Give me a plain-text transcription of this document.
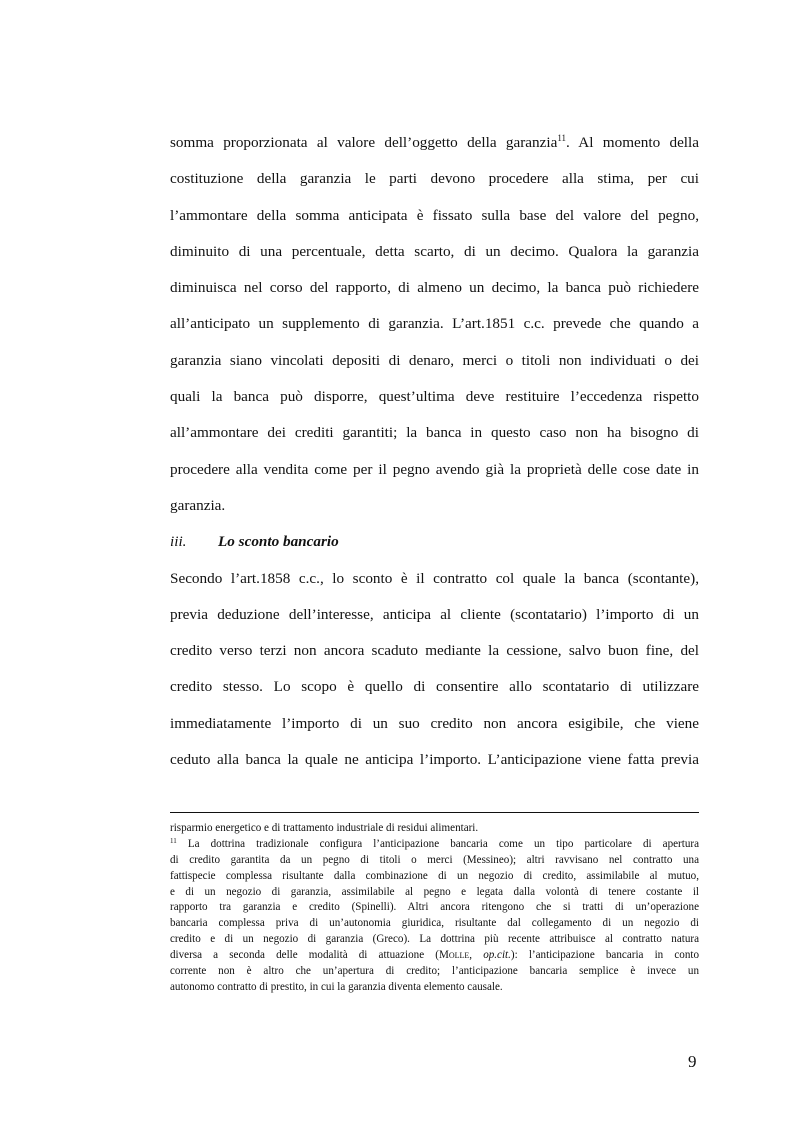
somma proporzionata al valore dell’oggetto della garanzia$^{11}$. Al momento della
costituzione della garanzia le parti devono procedere alla stima, per cui
l’ammontare della somma anticipata è fissato sulla base del valore del pegno,
diminuito di una percentuale, detta scarto, di un decimo. Qualora la garanzia
diminuisca nel corso del rapporto, di almeno un decimo, la banca può richiedere
all’anticipato un supplemento di garanzia. L’art.1851 c.c. prevede che quando a
garanzia siano vincolati depositi di denaro, merci o titoli non individuati o dei
quali la banca può disporre, quest’ultima deve restituire l’eccedenza rispetto
all’ammontare dei crediti garantiti; la banca in questo caso non ha bisogno di
procedere alla vendita come per il pegno avendo già la proprietà delle cose date in
garanzia.
iii. Lo sconto bancario
Secondo l’art.1858 c.c., lo sconto è il contratto col quale la banca (scontante),
previa deduzione dell’interesse, anticipa al cliente (scontatario) l’importo di un
credito verso terzi non ancora scaduto mediante la cessione, salvo buon fine, del
credito stesso. Lo scopo è quello di consentire allo scontatario di utilizzare
immediatamente l’importo di un suo credito non ancora esigibile, che viene
ceduto alla banca la quale ne anticipa l’importo. L’anticipazione viene fatta previa
risparmio energetico e di trattamento industriale di residui alimentari.
$^{11}$ La dottrina tradizionale configura l’anticipazione bancaria come un tipo particolare di apertura
di credito garantita da un pegno di titoli o merci (Messineo); altri ravvisano nel contratto una
fattispecie complessa risultante dalla combinazione di un negozio di credito, assimilabile al mutuo,
e di un negozio di garanzia, assimilabile al pegno e legata dalla volontà di tenere costante il
rapporto tra garanzia e credito (Spinelli). Altri ancora ritengono che si tratti di un’operazione
bancaria complessa priva di un’autonomia giuridica, risultante dal collegamento di un negozio di
credito e di un negozio di garanzia (Greco). La dottrina più recente attribuisce al contratto natura
diversa a seconda delle modalità di attuazione (Molle, op.cit.): l’anticipazione bancaria in conto
corrente non è altro che un’apertura di credito; l’anticipazione bancaria semplice è invece un
autonomo contratto di prestito, in cui la garanzia diventa elemento causale.
9
